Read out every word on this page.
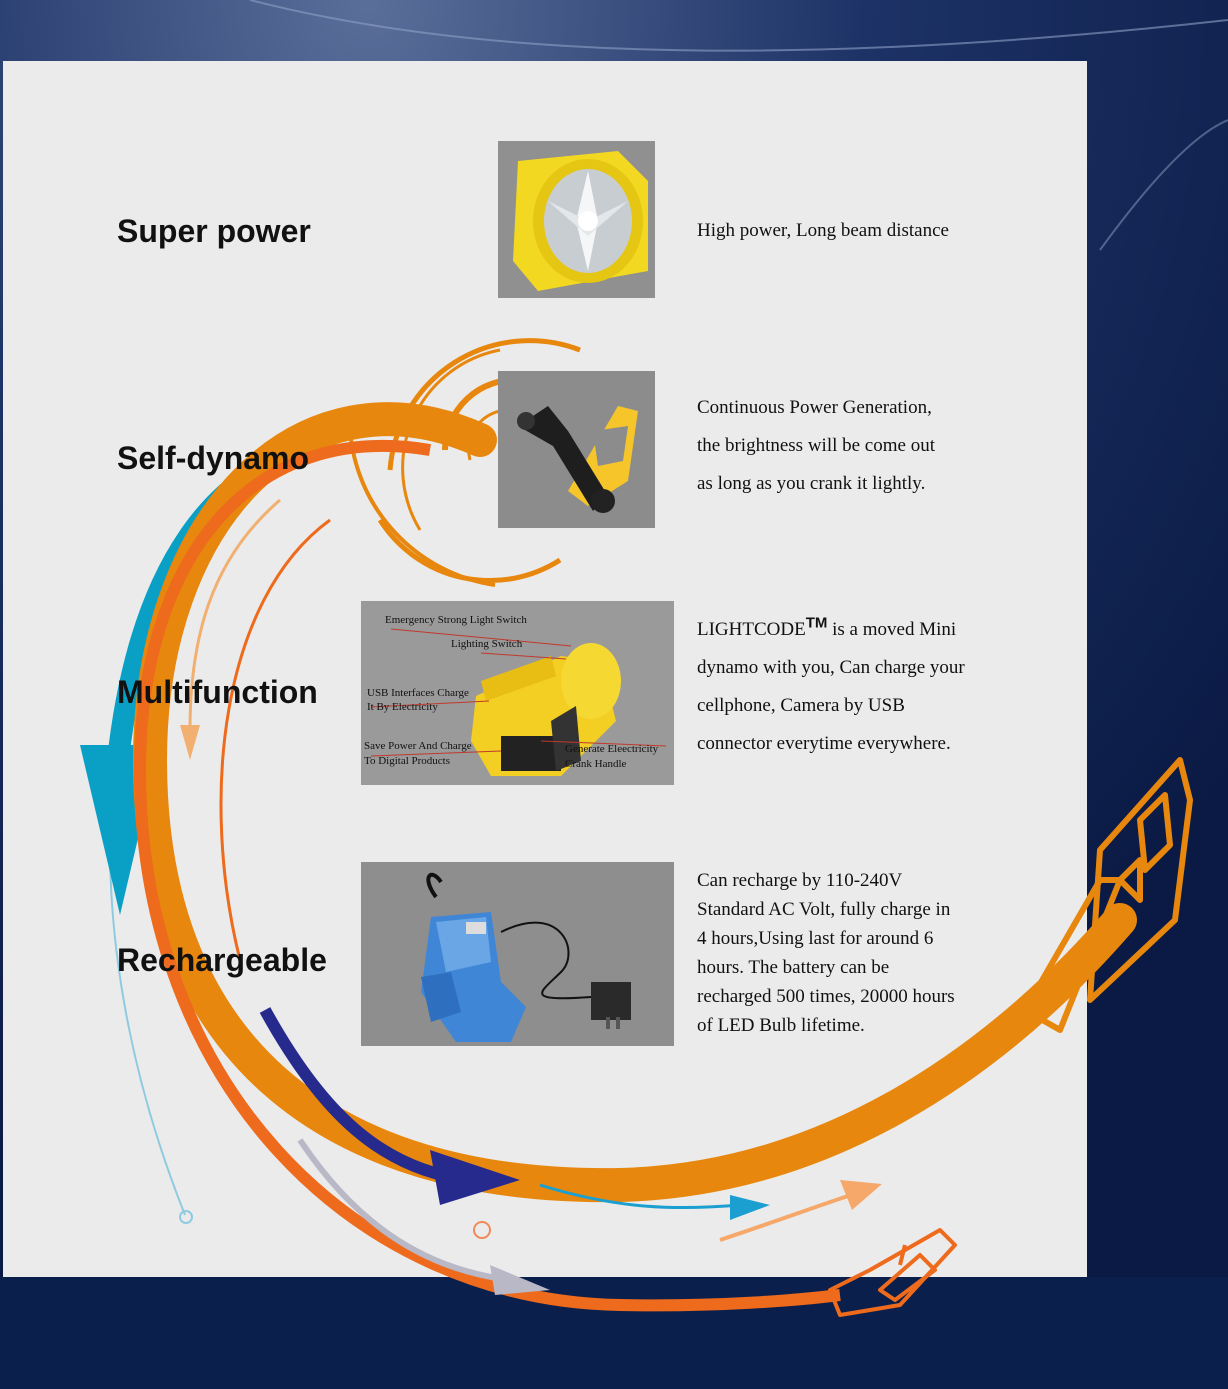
Super power
Self-dynamo
Multifunction
Rechargeable
Emergency Strong Light Switch
Lighting Switch
USB Interfaces Charge
It By Electricity
Save Power And Charge
To Digital Products
Generate Eleectricity
Crank Handle
High power, Long beam distance
Continuous Power Generation,
the brightness will be come out
as long as you crank it lightly.
LIGHTCODE™ is a moved Mini
dynamo with you, Can charge your
cellphone, Camera by USB
connector everytime everywhere.
Can recharge by 110-240V
Standard AC Volt, fully charge in
4 hours,Using last for around 6
hours. The battery can be
recharged 500 times, 20000 hours
of LED Bulb lifetime.
